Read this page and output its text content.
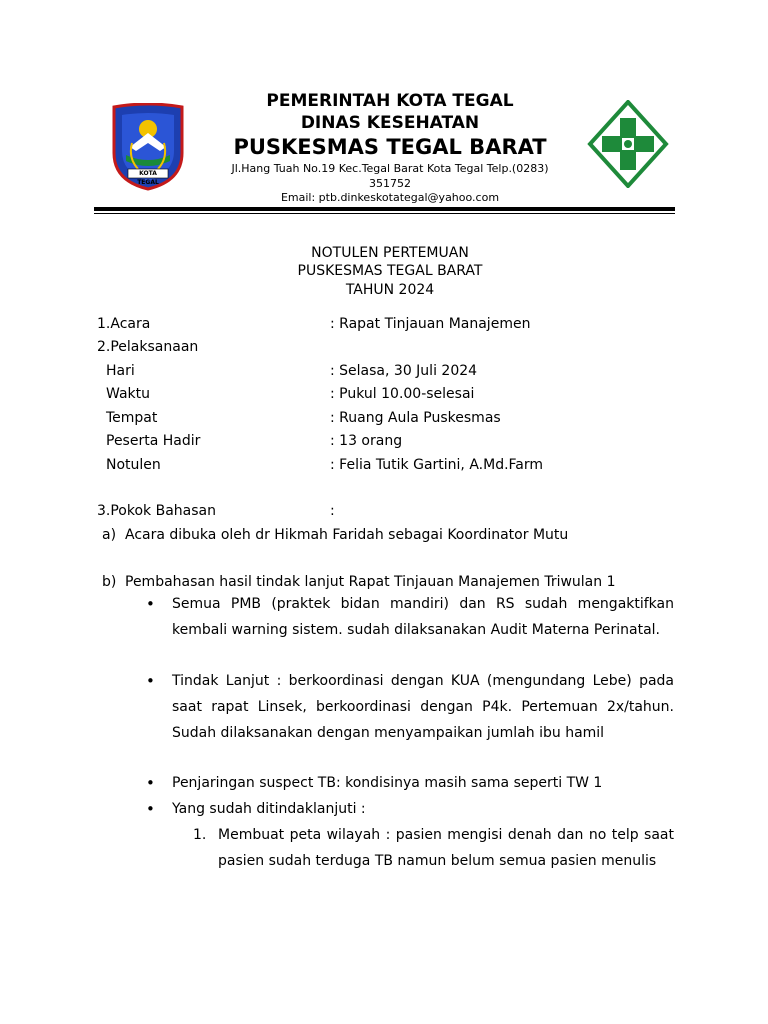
KOTA TEGAL
PEMERINTAH KOTA TEGAL
DINAS KESEHATAN
PUSKESMAS TEGAL BARAT
Jl.Hang Tuah No.19 Kec.Tegal Barat Kota Tegal Telp.(0283) 351752
Email: ptb.dinkeskotategal@yahoo.com
NOTULEN PERTEMUAN
PUSKESMAS TEGAL BARAT
TAHUN 2024
1.Acara	: Rapat Tinjauan Manajemen
2.Pelaksanaan
Hari	: Selasa, 30 Juli 2024
Waktu	: Pukul 10.00-selesai
Tempat	: Ruang Aula Puskesmas
Peserta Hadir	: 13 orang
Notulen	: Felia Tutik Gartini, A.Md.Farm
3.Pokok Bahasan	:
a) Acara dibuka oleh dr Hikmah Faridah sebagai Koordinator Mutu
b) Pembahasan hasil tindak lanjut Rapat Tinjauan Manajemen Triwulan 1
• Semua PMB (praktek bidan mandiri) dan RS sudah mengaktifkan kembali warning sistem. sudah dilaksanakan Audit Materna Perinatal.
• Tindak Lanjut : berkoordinasi dengan KUA (mengundang Lebe) pada saat rapat Linsek, berkoordinasi dengan P4k. Pertemuan 2x/tahun. Sudah dilaksanakan dengan menyampaikan jumlah ibu hamil
• Penjaringan suspect TB: kondisinya masih sama seperti TW 1
• Yang sudah ditindaklanjuti :
1. Membuat peta wilayah : pasien mengisi denah dan no telp saat pasien sudah terduga TB namun belum semua pasien menulis
